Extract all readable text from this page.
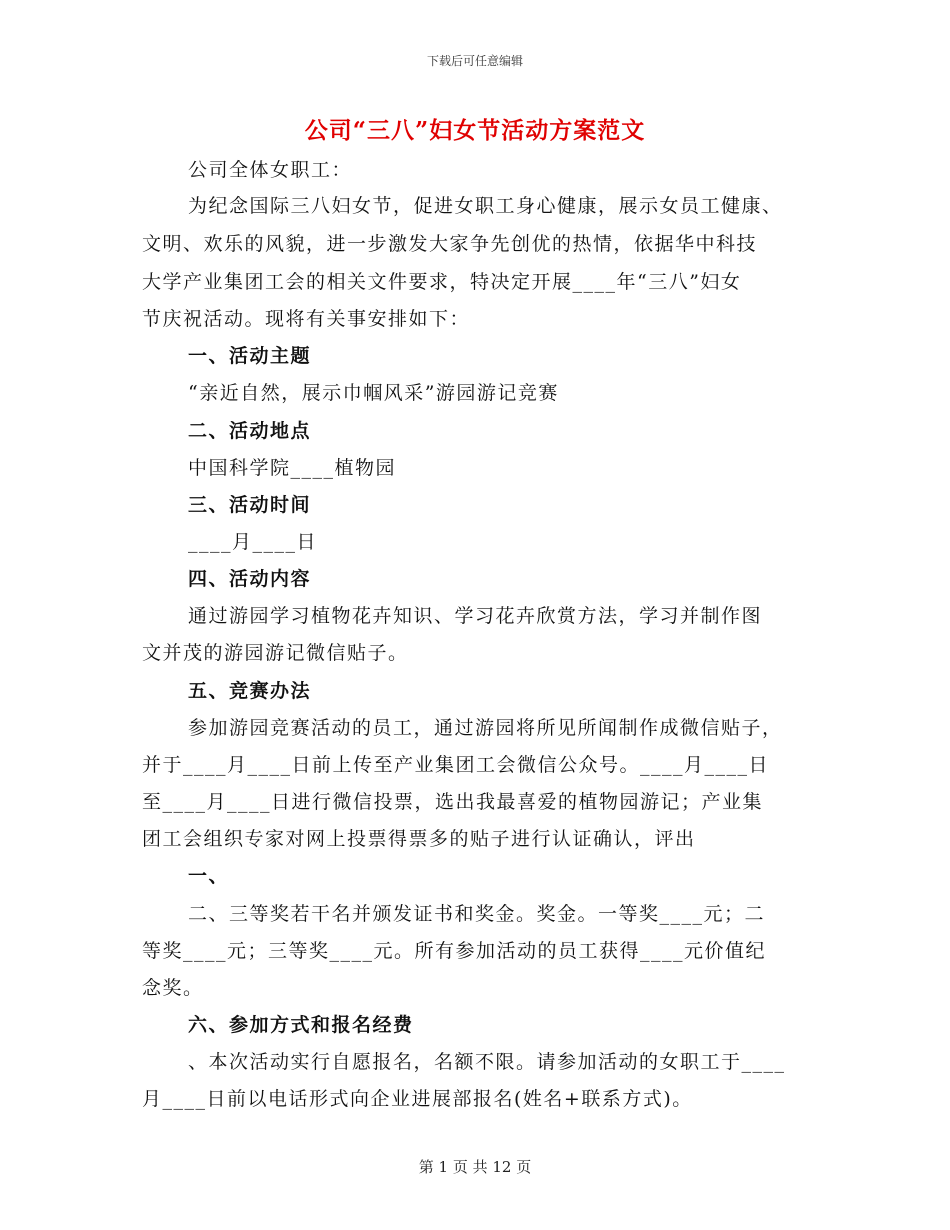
下载后可任意编辑
公司“三八”妇女节活动方案范文
公司全体女职工：
为纪念国际三八妇女节，促进女职工身心健康，展示女员工健康、
文明、欢乐的风貌，进一步激发大家争先创优的热情，依据华中科技
大学产业集团工会的相关文件要求，特决定开展____年“三八”妇女
节庆祝活动。现将有关事安排如下：
一、活动主题
“亲近自然，展示巾帼风采”游园游记竞赛
二、活动地点
中国科学院____植物园
三、活动时间
____月____日
四、活动内容
通过游园学习植物花卉知识、学习花卉欣赏方法，学习并制作图
文并茂的游园游记微信贴子。
五、竞赛办法
参加游园竞赛活动的员工，通过游园将所见所闻制作成微信贴子，
并于____月____日前上传至产业集团工会微信公众号。____月____日
至____月____日进行微信投票，选出我最喜爱的植物园游记；产业集
团工会组织专家对网上投票得票多的贴子进行认证确认，评出
一、
二、三等奖若干名并颁发证书和奖金。奖金。一等奖____元；二
等奖____元；三等奖____元。所有参加活动的员工获得____元价值纪
念奖。
六、参加方式和报名经费
、本次活动实行自愿报名，名额不限。请参加活动的女职工于____
月____日前以电话形式向企业进展部报名(姓名+联系方式)。
第 1 页 共 12 页
